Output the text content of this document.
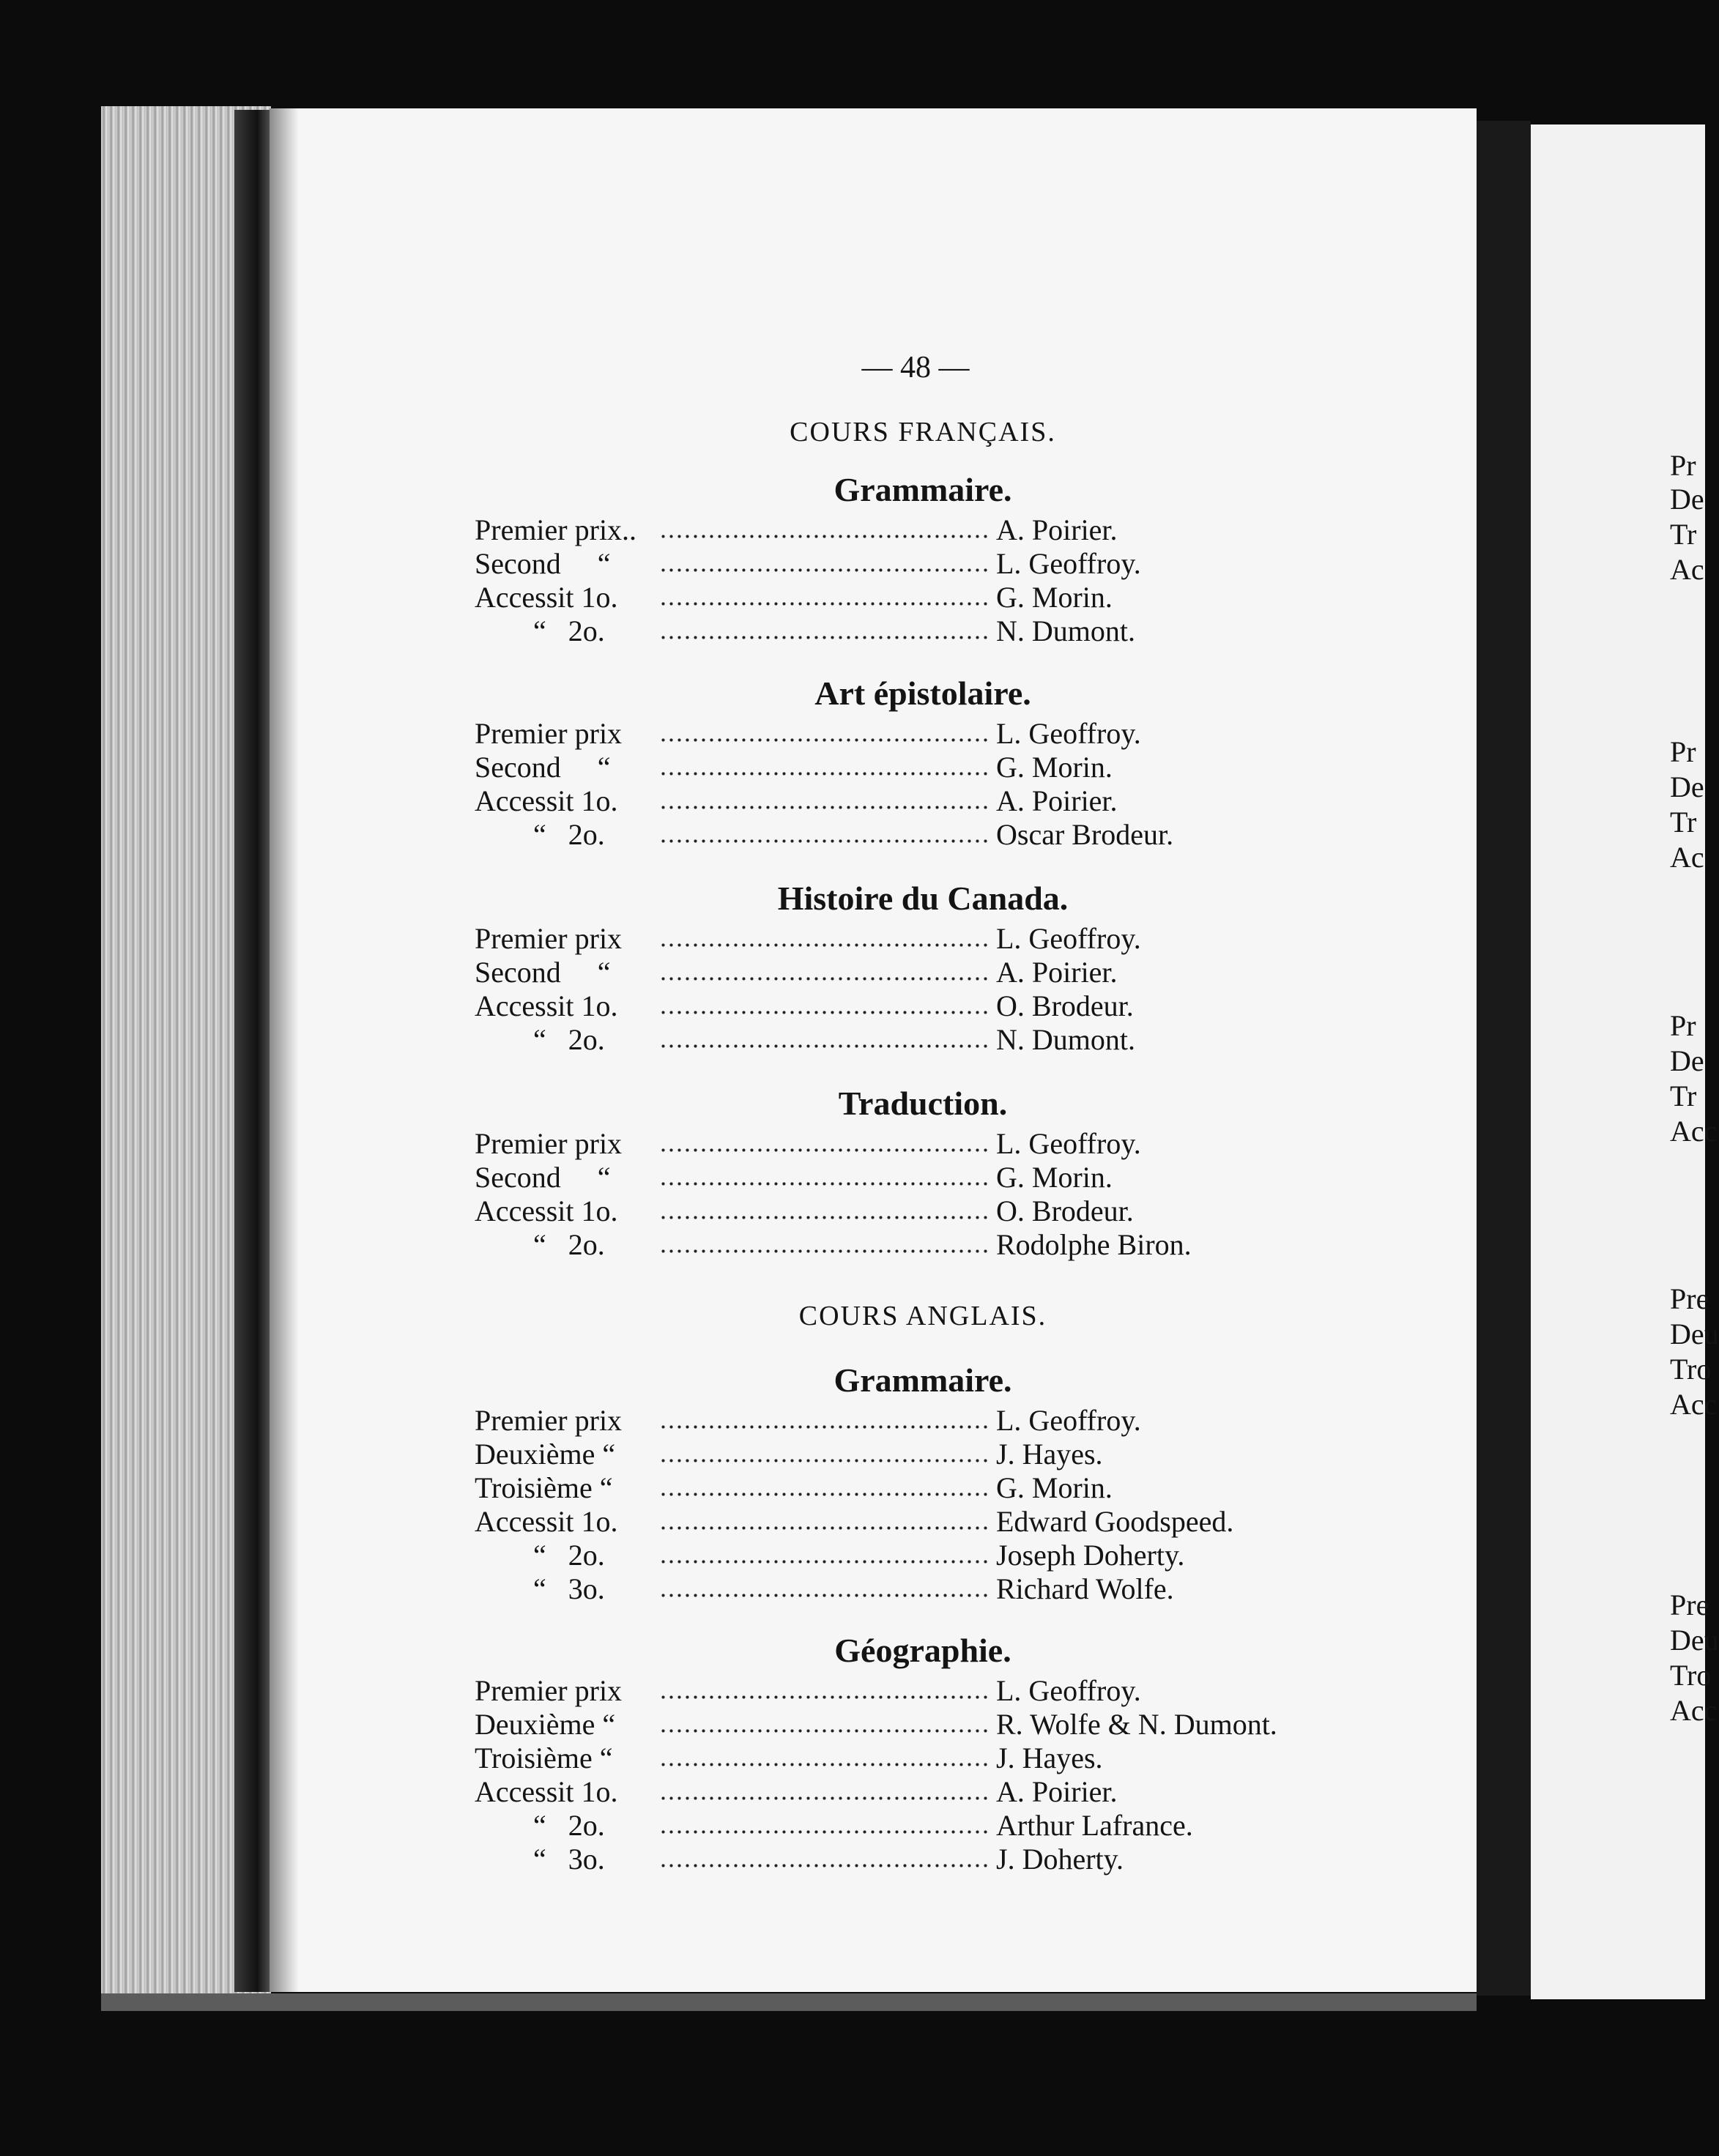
— 48 —
COURS FRANÇAIS.
Grammaire.
Premier prix..	A. Poirier.
Second     “	L. Geoffroy.
Accessit 1o.	G. Morin.
“   2o.	N. Dumont.
Art épistolaire.
Premier prix	L. Geoffroy.
Second     “	G. Morin.
Accessit 1o.	A. Poirier.
“   2o.	Oscar Brodeur.
Histoire du Canada.
Premier prix	L. Geoffroy.
Second     “	A. Poirier.
Accessit 1o.	O. Brodeur.
“   2o.	N. Dumont.
Traduction.
Premier prix	L. Geoffroy.
Second     “	G. Morin.
Accessit 1o.	O. Brodeur.
“   2o.	Rodolphe Biron.
COURS ANGLAIS.
Grammaire.
Premier prix	L. Geoffroy.
Deuxième “	J. Hayes.
Troisième “	G. Morin.
Accessit 1o.	Edward Goodspeed.
“   2o.	Joseph Doherty.
“   3o.	Richard Wolfe.
Géographie.
Premier prix	L. Geoffroy.
Deuxième “	R. Wolfe & N. Dumont.
Troisième “	J. Hayes.
Accessit 1o.	A. Poirier.
“   2o.	Arthur Lafrance.
“   3o.	J. Doherty.
Pr
De
Tr
Ac
Pr
De
Tr
Ac
Pr
De
Tr
Acc
Pre
Deu
Tro
Acc
Pre
Deu
Tro
Acc
